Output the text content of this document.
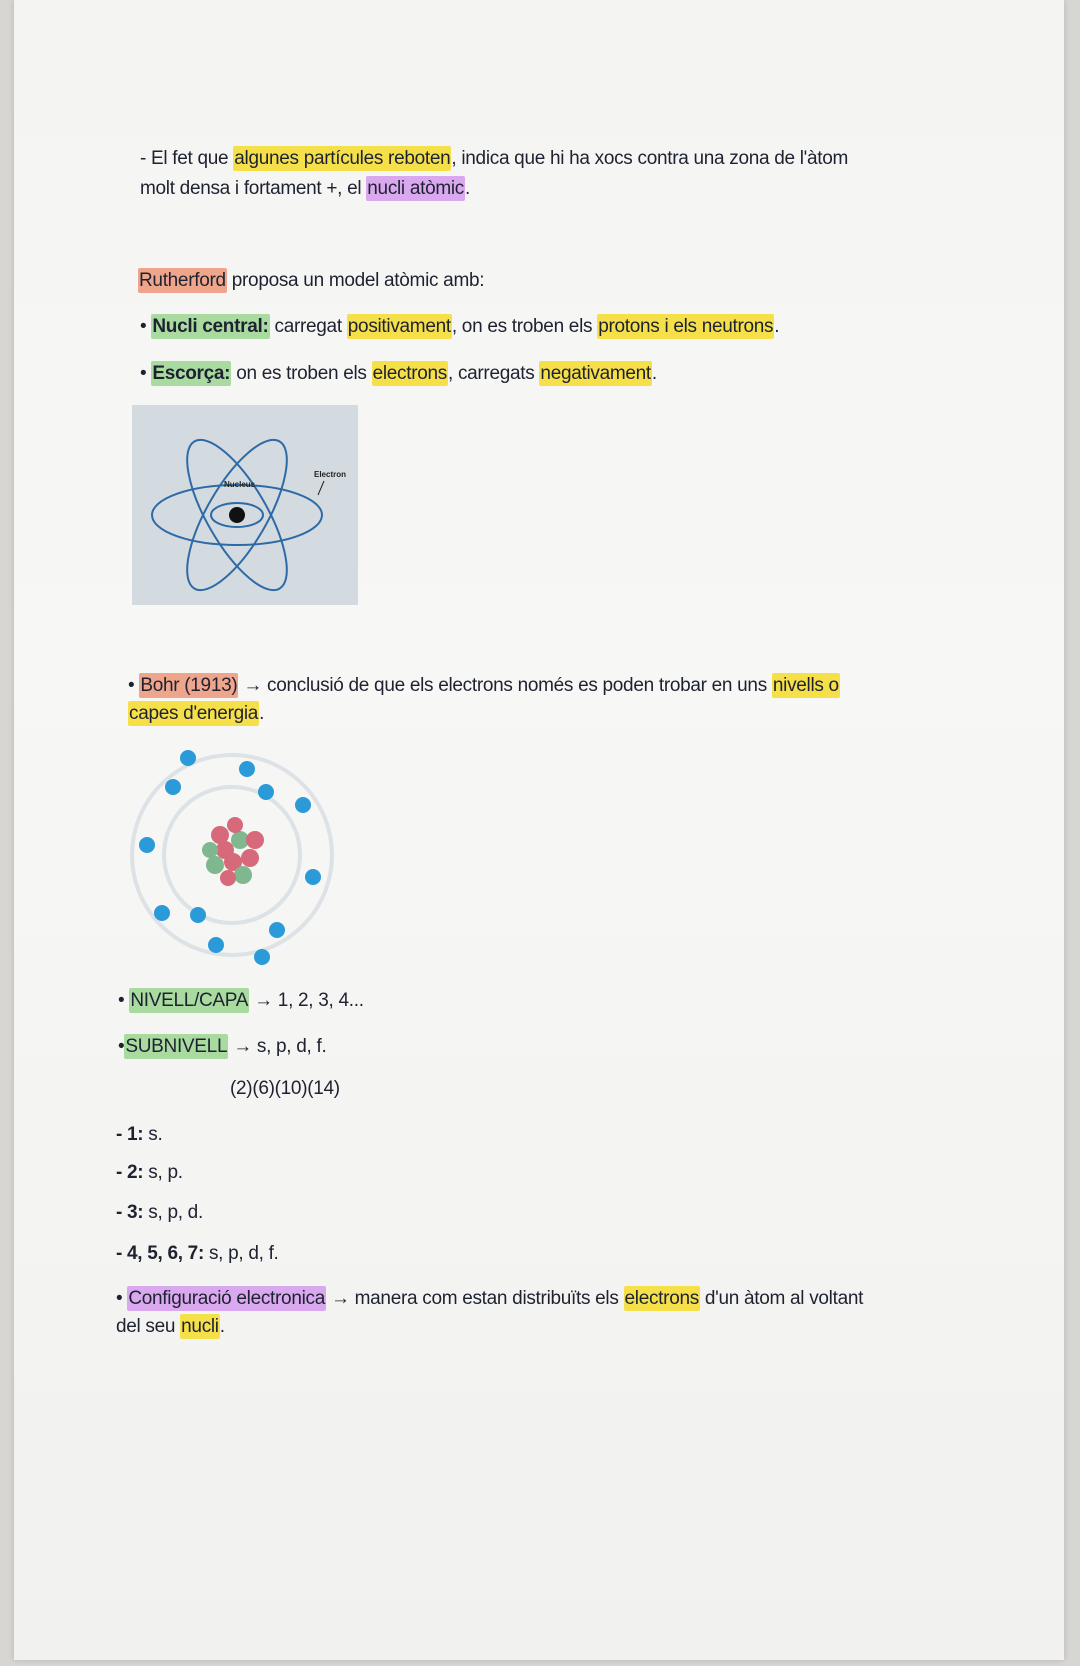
- El fet que algunes partícules reboten, indica que hi ha xocs contra una zona de l'àtom
molt densa i fortament +, el nucli atòmic.
Rutherford proposa un model atòmic amb:
• Nucli central: carregat positivament, on es troben els protons i els neutrons.
• Escorça: on es troben els electrons, carregats negativament.
Nucleus
Electron
• Bohr (1913) → conclusió de que els electrons només es poden trobar en uns nivells o
capes d'energia.
• NIVELL/CAPA → 1, 2, 3, 4...
•SUBNIVELL → s, p, d, f.
(2)(6)(10)(14)
- 1: s.
- 2: s, p.
- 3: s, p, d.
- 4, 5, 6, 7: s, p, d, f.
• Configuració electronica → manera com estan distribuïts els electrons d'un àtom al voltant
del seu nucli.
